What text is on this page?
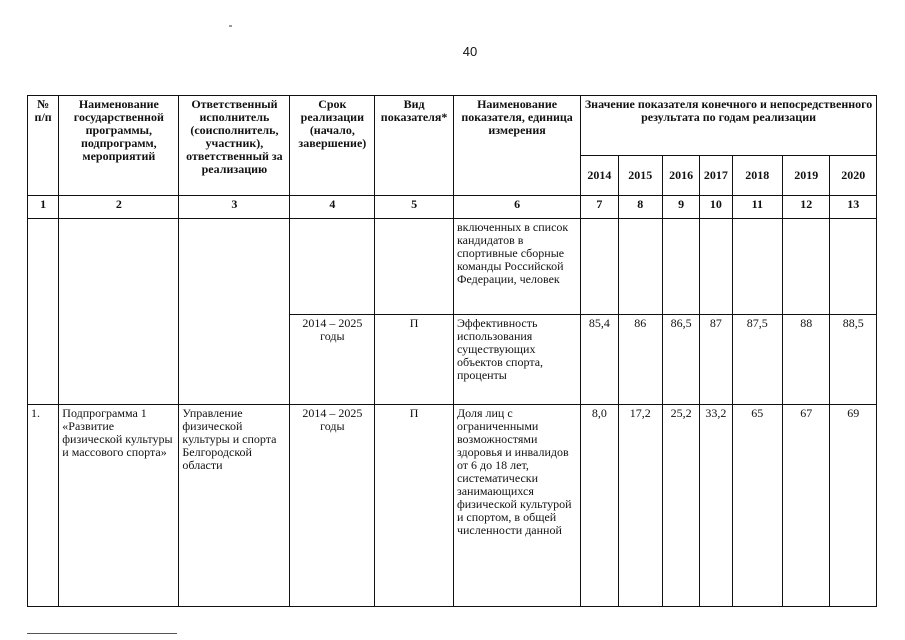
40
№ п/п	Наименование государственной программы, подпрограмм, мероприятий	Ответственный исполнитель (соисполнитель, участник), ответственный за реализацию	Срок реализации (начало, завершение)	Вид показателя*	Наименование показателя, единица измерения	Значение показателя конечного и непосредственного результата по годам реализации						
						2014	2015	2016	2017	2018	2019	2020
1	2	3	4	5	6	7	8	9	10	11	12	13
					включенных в список кандидатов в спортивные сборные команды Российской Федерации, человек							
			2014 – 2025 годы	П	Эффективность использования существующих объектов спорта, проценты	85,4	86	86,5	87	87,5	88	88,5
1.	Подпрограмма 1 «Развитие физической культуры и массового спорта»	Управление физической культуры и спорта Белгородской области	2014 – 2025 годы	П	Доля лиц с ограниченными возможностями здоровья и инвалидов от 6 до 18 лет, систематически занимающихся физической культурой и спортом, в общей численности данной	8,0	17,2	25,2	33,2	65	67	69
